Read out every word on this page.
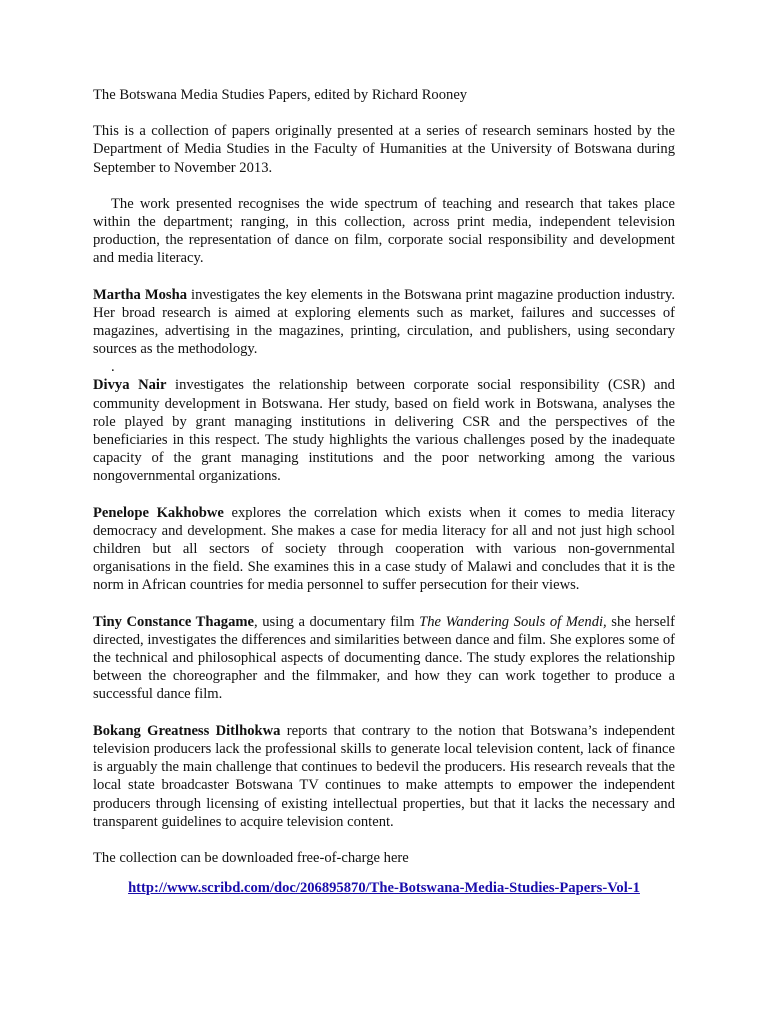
The Botswana Media Studies Papers, edited by Richard Rooney

This is a collection of papers originally presented at a series of research seminars hosted by the Department of Media Studies in the Faculty of Humanities at the University of Botswana during September to November 2013.

The work presented recognises the wide spectrum of teaching and research that takes place within the department; ranging, in this collection, across print media, independent television production, the representation of dance on film, corporate social responsibility and development and media literacy.

Martha Mosha investigates the key elements in the Botswana print magazine production industry. Her broad research is aimed at exploring elements such as market, failures and successes of magazines, advertising in the magazines, printing, circulation, and publishers, using secondary sources as the methodology.

.

Divya Nair investigates the relationship between corporate social responsibility (CSR) and community development in Botswana. Her study, based on field work in Botswana, analyses the role played by grant managing institutions in delivering CSR and the perspectives of the beneficiaries in this respect. The study highlights the various challenges posed by the inadequate capacity of the grant managing institutions and the poor networking among the various nongovernmental organizations.

Penelope Kakhobwe explores the correlation which exists when it comes to media literacy democracy and development. She makes a case for media literacy for all and not just high school children but all sectors of society through cooperation with various non-governmental organisations in the field. She examines this in a case study of Malawi and concludes that it is the norm in African countries for media personnel to suffer persecution for their views.

Tiny Constance Thagame, using a documentary film The Wandering Souls of Mendi, she herself directed, investigates the differences and similarities between dance and film. She explores some of the technical and philosophical aspects of documenting dance. The study explores the relationship between the choreographer and the filmmaker, and how they can work together to produce a successful dance film.

Bokang Greatness Ditlhokwa reports that contrary to the notion that Botswana’s independent television producers lack the professional skills to generate local television content, lack of finance is arguably the main challenge that continues to bedevil the producers. His research reveals that the local state broadcaster Botswana TV continues to make attempts to empower the independent producers through licensing of existing intellectual properties, but that it lacks the necessary and transparent guidelines to acquire television content.

The collection can be downloaded free-of-charge here

http://www.scribd.com/doc/206895870/The-Botswana-Media-Studies-Papers-Vol-1
